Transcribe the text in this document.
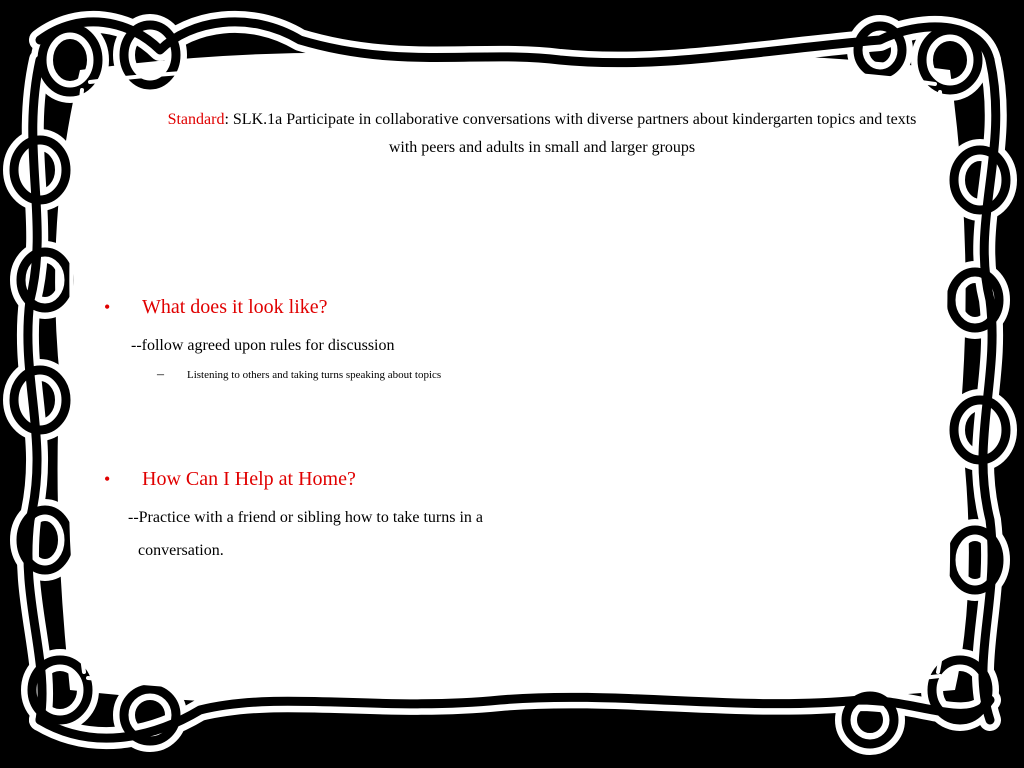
Standard: SLK.1a Participate in collaborative conversations with diverse partners about kindergarten topics and texts
with peers and adults in small and larger groups
• What does it look like?
--follow agreed upon rules for discussion
– Listening to others and taking turns speaking about topics
• How Can I Help at Home?
--Practice with a friend or sibling how to take turns in a
conversation.
